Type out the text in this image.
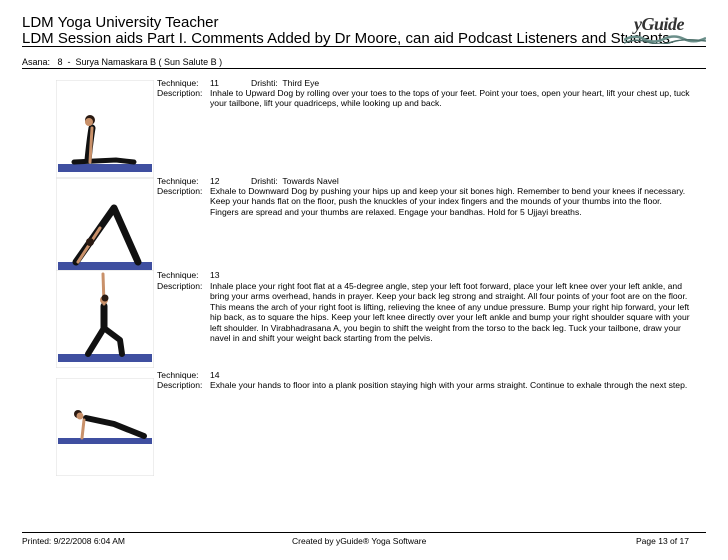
LDM Yoga University Teacher
LDM Session aids Part I. Comments Added by Dr Moore, can aid Podcast Listeners and Students.
yGuide
Asana:   8  -  Surya Namaskara B ( Sun Salute B )
Technique: 11	Drishti: Third Eye
Description: Inhale to Upward Dog by rolling over your toes to the tops of your feet. Point your toes, open your heart, lift your chest up, tuck your tailbone, lift your quadriceps, while looking up and back.
Technique: 12	Drishti: Towards Navel
Description: Exhale to Downward Dog by pushing your hips up and keep your sit bones high. Remember to bend your knees if necessary. Keep your hands flat on the floor, push the knuckles of your index fingers and the mounds of your thumbs into the floor. Fingers are spread and your thumbs are relaxed. Engage your bandhas. Hold for 5 Ujjayi breaths.
Technique: 13
Description: Inhale place your right foot flat at a 45-degree angle, step your left foot forward, place your left knee over your left ankle, and bring your arms overhead, hands in prayer. Keep your back leg strong and straight. All four points of your foot are on the floor. This means the arch of your right foot is lifting, relieving the knee of any undue pressure. Bump your right hip forward, your left hip back, as to square the hips. Keep your left knee directly over your left ankle and bump your right shoulder square with your left shoulder. In Virabhadrasana A, you begin to shift the weight from the torso to the back leg. Tuck your tailbone, draw your navel in and shift your weight back starting from the pelvis.
Technique: 14
Description: Exhale your hands to floor into a plank position staying high with your arms straight. Continue to exhale through the next step.
Printed: 9/22/2008 6:04 AM	Created by yGuide® Yoga Software	Page 13 of 17
